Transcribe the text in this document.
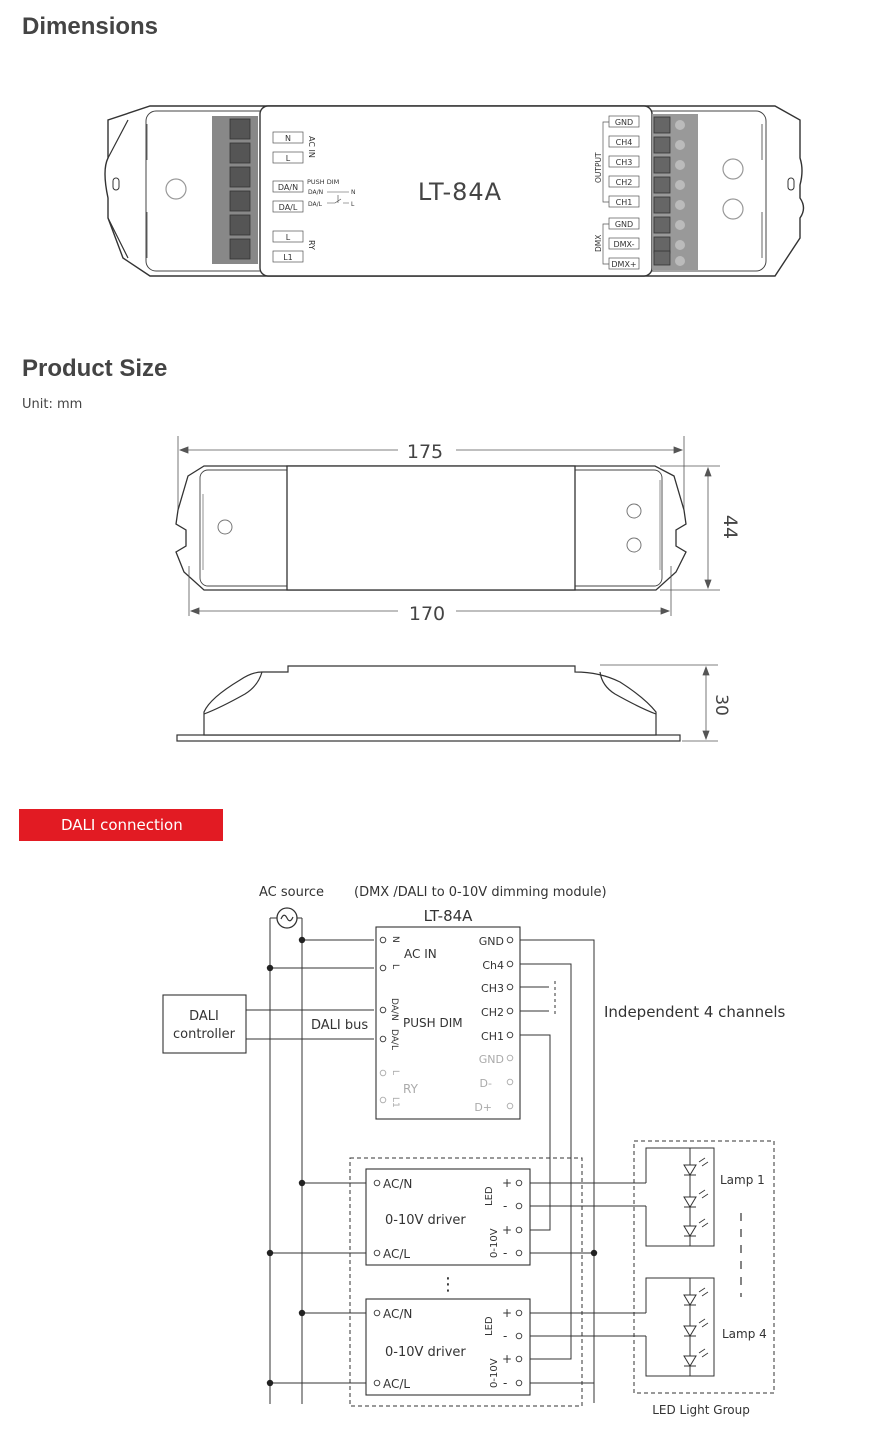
Dimensions
Product Size
Unit: mm
DALI connection
N
L
DA/N
DA/L
L
L1
AC IN
RY
PUSH DIM
DA/N
DA/L
N
L	LT-84A
GND
CH4
CH3
CH2
CH1
GND
DMX-
DMX+
OUTPUT
DMX
175
170
44
30
AC source (DMX /DALI to 0-10V dimming module)
LT-84A
N
L
AC IN
DA/N
DA/L
PUSH DIM
L
L1
RY
GND
Ch4
CH3
CH2
CH1
GND
D-
D+
DALI
controller
DALI bus
Independent 4 channels
⋮
AC/N
AC/L
0-10V driver
LED
0-10V
+
-
+
-
AC/N
AC/L
0-10V driver
LED
0-10V
+
-
+
-
Lamp 1
Lamp 4
LED Light Group
